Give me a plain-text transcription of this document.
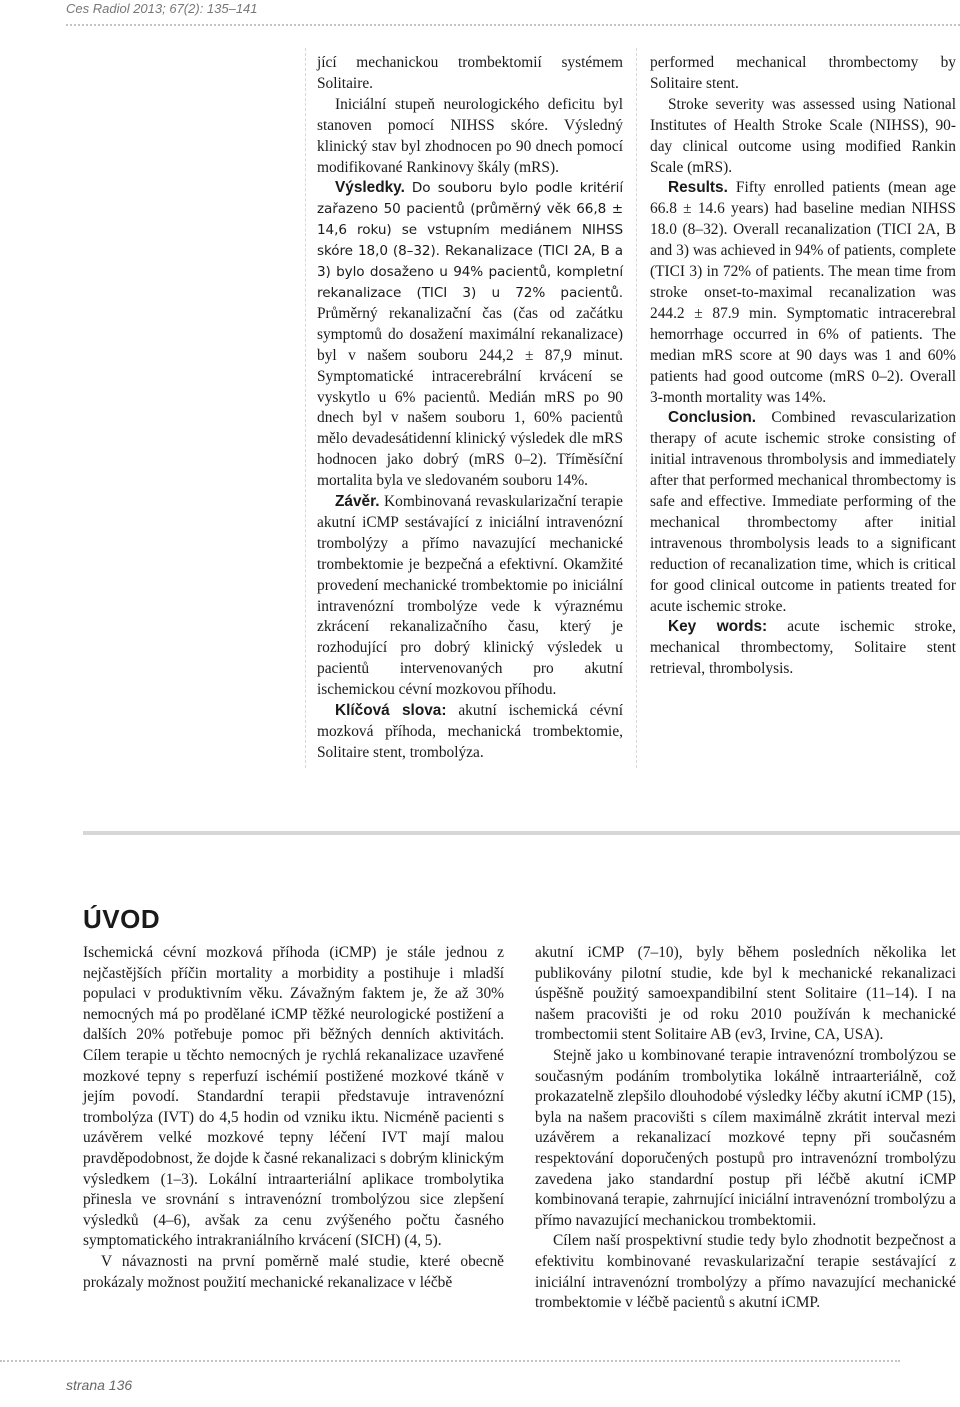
Ces Radiol 2013; 67(2): 135–141

jící mechanickou trombektomií systémem Solitaire.

Iniciální stupeň neurologického deficitu byl stanoven pomocí NIHSS skóre. Výsledný klinický stav byl zhodnocen po 90 dnech pomocí modifikované Rankinovy škály (mRS).

Výsledky. Do souboru bylo podle kritérií zařazeno 50 pacientů (průměrný věk 66,8 ± 14,6 roku) se vstupním mediánem NIHSS skóre 18,0 (8–32). Rekanalizace (TICI 2A, B a 3) bylo dosaženo u 94% pacientů, kompletní rekanalizace (TICI 3) u 72% pacientů. Průměrný rekanalizační čas (čas od začátku symptomů do dosažení maximální rekanalizace) byl v našem souboru 244,2 ± 87,9 minut. Symptomatické intracerebrální krvácení se vyskytlo u 6% pacientů. Medián mRS po 90 dnech byl v našem souboru 1, 60% pacientů mělo devadesátidenní klinický výsledek dle mRS hodnocen jako dobrý (mRS 0–2). Tříměsíční mortalita byla ve sledovaném souboru 14%.

Závěr. Kombinovaná revaskularizační terapie akutní iCMP sestávající z iniciální intravenózní trombolýzy a přímo navazující mechanické trombektomie je bezpečná a efektivní. Okamžité provedení mechanické trombektomie po iniciální intravenózní trombolýze vede k výraznému zkrácení rekanalizačního času, který je rozhodující pro dobrý klinický výsledek u pacientů intervenovaných pro akutní ischemickou cévní mozkovou příhodu.

Klíčová slova: akutní ischemická cévní mozková příhoda, mechanická trombektomie, Solitaire stent, trombolýza.

performed mechanical thrombectomy by Solitaire stent.

Stroke severity was assessed using National Institutes of Health Stroke Scale (NIHSS), 90-day clinical outcome using modified Rankin Scale (mRS).

Results. Fifty enrolled patients (mean age 66.8 ± 14.6 years) had baseline median NIHSS 18.0 (8–32). Overall recanalization (TICI 2A, B and 3) was achieved in 94% of patients, complete (TICI 3) in 72% of patients. The mean time from stroke onset-to-maximal recanalization was 244.2 ± 87.9 min. Symptomatic intracerebral hemorrhage occurred in 6% of patients. The median mRS score at 90 days was 1 and 60% patients had good outcome (mRS 0–2). Overall 3-month mortality was 14%.

Conclusion. Combined revascularization therapy of acute ischemic stroke consisting of initial intravenous thrombolysis and immediately after that performed mechanical thrombectomy is safe and effective. Immediate performing of the mechanical thrombectomy after initial intravenous thrombolysis leads to a significant reduction of recanalization time, which is critical for good clinical outcome in patients treated for acute ischemic stroke.

Key words: acute ischemic stroke, mechanical thrombectomy, Solitaire stent retrieval, thrombolysis.

ÚVOD

Ischemická cévní mozková příhoda (iCMP) je stále jednou z nejčastějších příčin mortality a morbidity a postihuje i mladší populaci v produktivním věku. Závažným faktem je, že až 30% nemocných má po prodělané iCMP těžké neurologické postižení a dalších 20% potřebuje pomoc při běžných denních aktivitách. Cílem terapie u těchto nemocných je rychlá rekanalizace uzavřené mozkové tepny s reperfuzí ischémií postižené mozkové tkáně v jejím povodí. Standardní terapii představuje intravenózní trombolýza (IVT) do 4,5 hodin od vzniku iktu. Nicméně pacienti s uzávěrem velké mozkové tepny léčení IVT mají malou pravděpodobnost, že dojde k časné rekanalizaci s dobrým klinickým výsledkem (1–3). Lokální intraarteriální aplikace trombolytika přinesla ve srovnání s intravenózní trombolýzou sice zlepšení výsledků (4–6), avšak za cenu zvýšeného počtu časného symptomatického intrakraniálního krvácení (SICH) (4, 5).

V návaznosti na první poměrně malé studie, které obecně prokázaly možnost použití mechanické rekanalizace v léčbě

akutní iCMP (7–10), byly během posledních několika let publikovány pilotní studie, kde byl k mechanické rekanalizaci úspěšně použitý samoexpandibilní stent Solitaire (11–14). I na našem pracovišti je od roku 2010 používán k mechanické trombectomii stent Solitaire AB (ev3, Irvine, CA, USA).

Stejně jako u kombinované terapie intravenózní trombolýzou se současným podáním trombolytika lokálně intraarteriálně, což prokazatelně zlepšilo dlouhodobé výsledky léčby akutní iCMP (15), byla na našem pracovišti s cílem maximálně zkrátit interval mezi uzávěrem a rekanalizací mozkové tepny při současném respektování doporučených postupů pro intravenózní trombolýzu zavedena jako standardní postup při léčbě akutní iCMP kombinovaná terapie, zahrnující iniciální intravenózní trombolýzu a přímo navazující mechanickou trombektomii.

Cílem naší prospektivní studie tedy bylo zhodnotit bezpečnost a efektivitu kombinované revaskularizační terapie sestávající z iniciální intravenózní trombolýzy a přímo navazující mechanické trombektomie v léčbě pacientů s akutní iCMP.

strana 136
